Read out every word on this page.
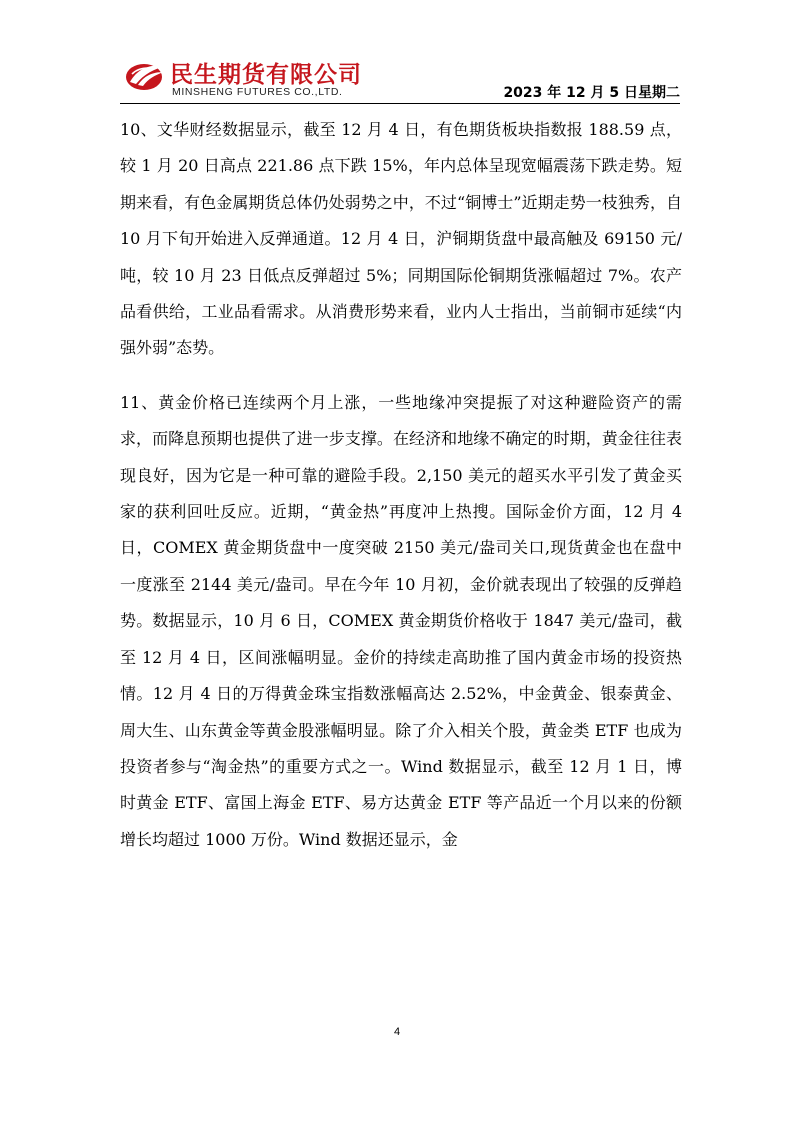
民生期货有限公司
MINSHENG FUTURES CO.,LTD.	2023 年 12 月 5 日星期二

10、文华财经数据显示，截至 12 月 4 日，有色期货板块指数报 188.59 点，较 1 月 20 日高点 221.86 点下跌 15%，年内总体呈现宽幅震荡下跌走势。短期来看，有色金属期货总体仍处弱势之中，不过“铜博士”近期走势一枝独秀，自 10 月下旬开始进入反弹通道。12 月 4 日，沪铜期货盘中最高触及 69150 元/吨，较 10 月 23 日低点反弹超过 5%；同期国际伦铜期货涨幅超过 7%。农产品看供给，工业品看需求。从消费形势来看，业内人士指出，当前铜市延续“内强外弱”态势。

11、黄金价格已连续两个月上涨，一些地缘冲突提振了对这种避险资产的需求，而降息预期也提供了进一步支撑。在经济和地缘不确定的时期，黄金往往表现良好，因为它是一种可靠的避险手段。2,150 美元的超买水平引发了黄金买家的获利回吐反应。近期，“黄金热”再度冲上热搜。国际金价方面，12 月 4 日，COMEX 黄金期货盘中一度突破 2150 美元/盎司关口,现货黄金也在盘中一度涨至 2144 美元/盎司。早在今年 10 月初，金价就表现出了较强的反弹趋势。数据显示，10 月 6 日，COMEX 黄金期货价格收于 1847 美元/盎司，截至 12 月 4 日，区间涨幅明显。金价的持续走高助推了国内黄金市场的投资热情。12 月 4 日的万得黄金珠宝指数涨幅高达 2.52%，中金黄金、银泰黄金、周大生、山东黄金等黄金股涨幅明显。除了介入相关个股，黄金类 ETF 也成为投资者参与“淘金热”的重要方式之一。Wind 数据显示，截至 12 月 1 日，博时黄金 ETF、富国上海金 ETF、易方达黄金 ETF 等产品近一个月以来的份额增长均超过 1000 万份。Wind 数据还显示，金

4
